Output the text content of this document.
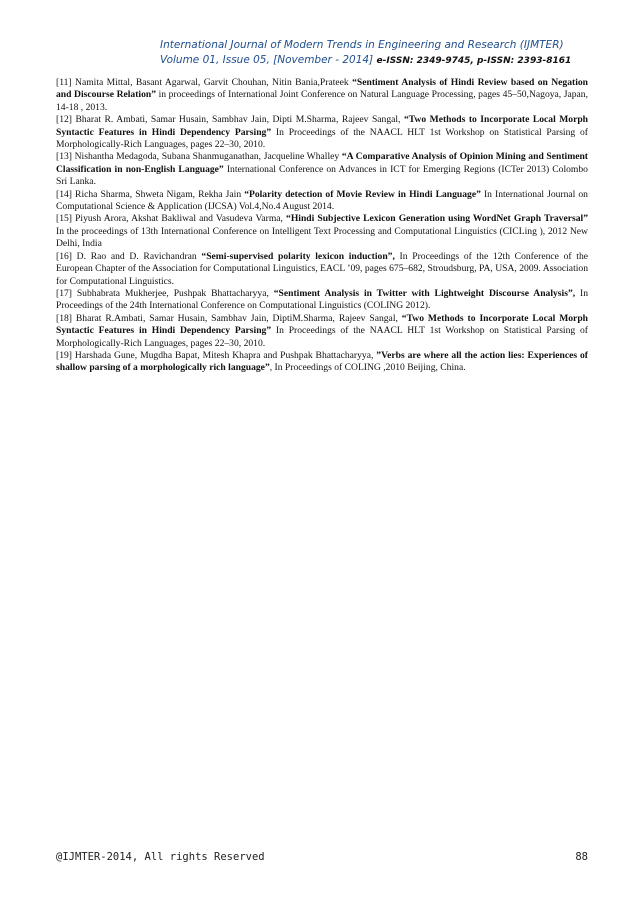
International Journal of Modern Trends in Engineering and Research (IJMTER)
Volume 01, Issue 05, [November - 2014] e-ISSN: 2349-9745, p-ISSN: 2393-8161

[11] Namita Mittal, Basant Agarwal, Garvit Chouhan, Nitin Bania,Prateek “Sentiment Analysis of Hindi Review based on Negation and Discourse Relation” in proceedings of International Joint Conference on Natural Language Processing, pages 45–50,Nagoya, Japan, 14-18 , 2013.

[12] Bharat R. Ambati, Samar Husain, Sambhav Jain, Dipti M.Sharma, Rajeev Sangal, “Two Methods to Incorporate Local Morph Syntactic Features in Hindi Dependency Parsing” In Proceedings of the NAACL HLT 1st Workshop on Statistical Parsing of Morphologically-Rich Languages, pages 22–30, 2010.

[13] Nishantha Medagoda, Subana Shanmuganathan, Jacqueline Whalley “A Comparative Analysis of Opinion Mining and Sentiment Classification in non-English Language” International Conference on Advances in ICT for Emerging Regions (ICTer 2013) Colombo Sri Lanka.

[14] Richa Sharma, Shweta Nigam, Rekha Jain “Polarity detection of Movie Review in Hindi Language” In International Journal on Computational Science & Application (IJCSA) Vol.4,No.4 August 2014.

[15] Piyush Arora, Akshat Bakliwal and Vasudeva Varma, “Hindi Subjective Lexicon Generation using WordNet Graph Traversal” In the proceedings of 13th International Conference on Intelligent Text Processing and Computational Linguistics (CICLing ), 2012 New Delhi, India

[16] D. Rao and D. Ravichandran “Semi-supervised polarity lexicon induction”, In Proceedings of the 12th Conference of the European Chapter of the Association for Computational Linguistics, EACL ’09, pages 675–682, Stroudsburg, PA, USA, 2009. Association for Computational Linguistics.

[17] Subhabrata Mukherjee, Pushpak Bhattacharyya, “Sentiment Analysis in Twitter with Lightweight Discourse Analysis”, In Proceedings of the 24th International Conference on Computational Linguistics (COLING 2012).

[18] Bharat R.Ambati, Samar Husain, Sambhav Jain, DiptiM.Sharma, Rajeev Sangal, “Two Methods to Incorporate Local Morph Syntactic Features in Hindi Dependency Parsing” In Proceedings of the NAACL HLT 1st Workshop on Statistical Parsing of Morphologically-Rich Languages, pages 22–30, 2010.

[19] Harshada Gune, Mugdha Bapat, Mitesh Khapra and Pushpak Bhattacharyya, ”Verbs are where all the action lies: Experiences of shallow parsing of a morphologically rich language”, In Proceedings of COLING ,2010 Beijing, China.

@IJMTER-2014, All rights Reserved	88
